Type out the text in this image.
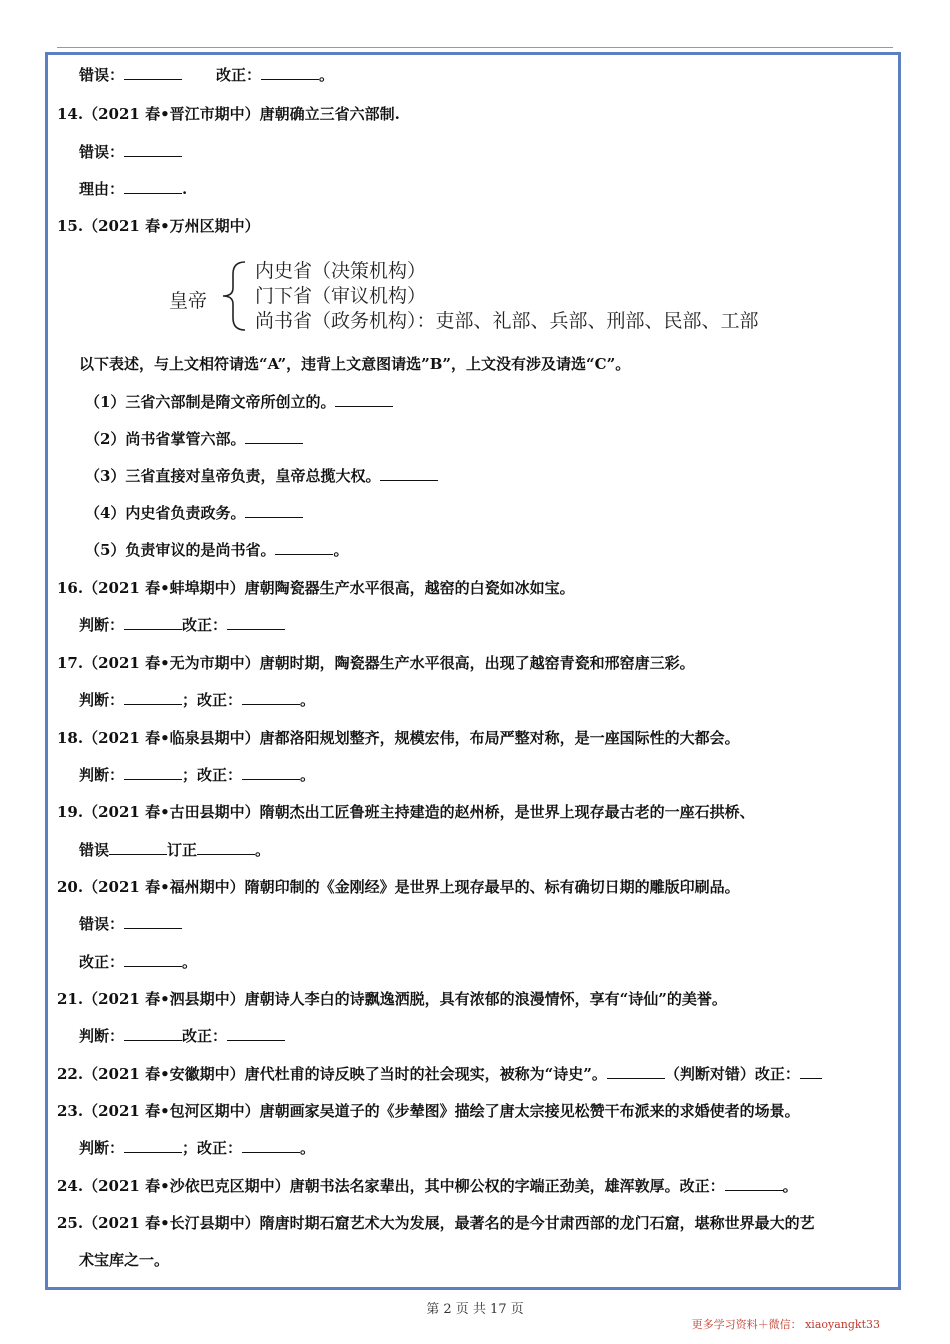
错误：	改正：	。
14.（2021 春•晋江市期中）唐朝确立三省六部制.
错误：
理由：	.
15.（2021 春•万州区期中）
皇帝
内史省（决策机构）
门下省（审议机构）
尚书省（政务机构）：吏部、礼部、兵部、刑部、民部、工部
以下表述，与上文相符请选“A”，违背上文意图请选”B”，上文没有涉及请选“C”。
（1）三省六部制是隋文帝所创立的。
（2）尚书省掌管六部。
（3）三省直接对皇帝负责，皇帝总揽大权。
（4）内史省负责政务。
（5）负责审议的是尚书省。	。
16.（2021 春•蚌埠期中）唐朝陶瓷器生产水平很高，越窑的白瓷如冰如宝。
判断：	改正：
17.（2021 春•无为市期中）唐朝时期，陶瓷器生产水平很高，出现了越窑青瓷和邢窑唐三彩。
判断：	；改正：	。
18.（2021 春•临泉县期中）唐都洛阳规划整齐，规模宏伟，布局严整对称，是一座国际性的大都会。
判断：	；改正：	。
19.（2021 春•古田县期中）隋朝杰出工匠鲁班主持建造的赵州桥，是世界上现存最古老的一座石拱桥、
错误	订正	。
20.（2021 春•福州期中）隋朝印制的《金刚经》是世界上现存最早的、标有确切日期的雕版印刷品。
错误：
改正：	。
21.（2021 春•泗县期中）唐朝诗人李白的诗飘逸洒脱，具有浓郁的浪漫情怀，享有“诗仙”的美誉。
判断：	改正：
22.（2021 春•安徽期中）唐代杜甫的诗反映了当时的社会现实，被称为“诗史”。	（判断对错）改正：
23.（2021 春•包河区期中）唐朝画家吴道子的《步辇图》描绘了唐太宗接见松赞干布派来的求婚使者的场景。
判断：	；改正：	。
24.（2021 春•沙依巴克区期中）唐朝书法名家辈出，其中柳公权的字端正劲美，雄浑敦厚。改正：	。
25.（2021 春•长汀县期中）隋唐时期石窟艺术大为发展，最著名的是今甘肃西部的龙门石窟，堪称世界最大的艺
术宝库之一。
第 2 页 共 17 页
更多学习资料＋微信： xiaoyangkt33
